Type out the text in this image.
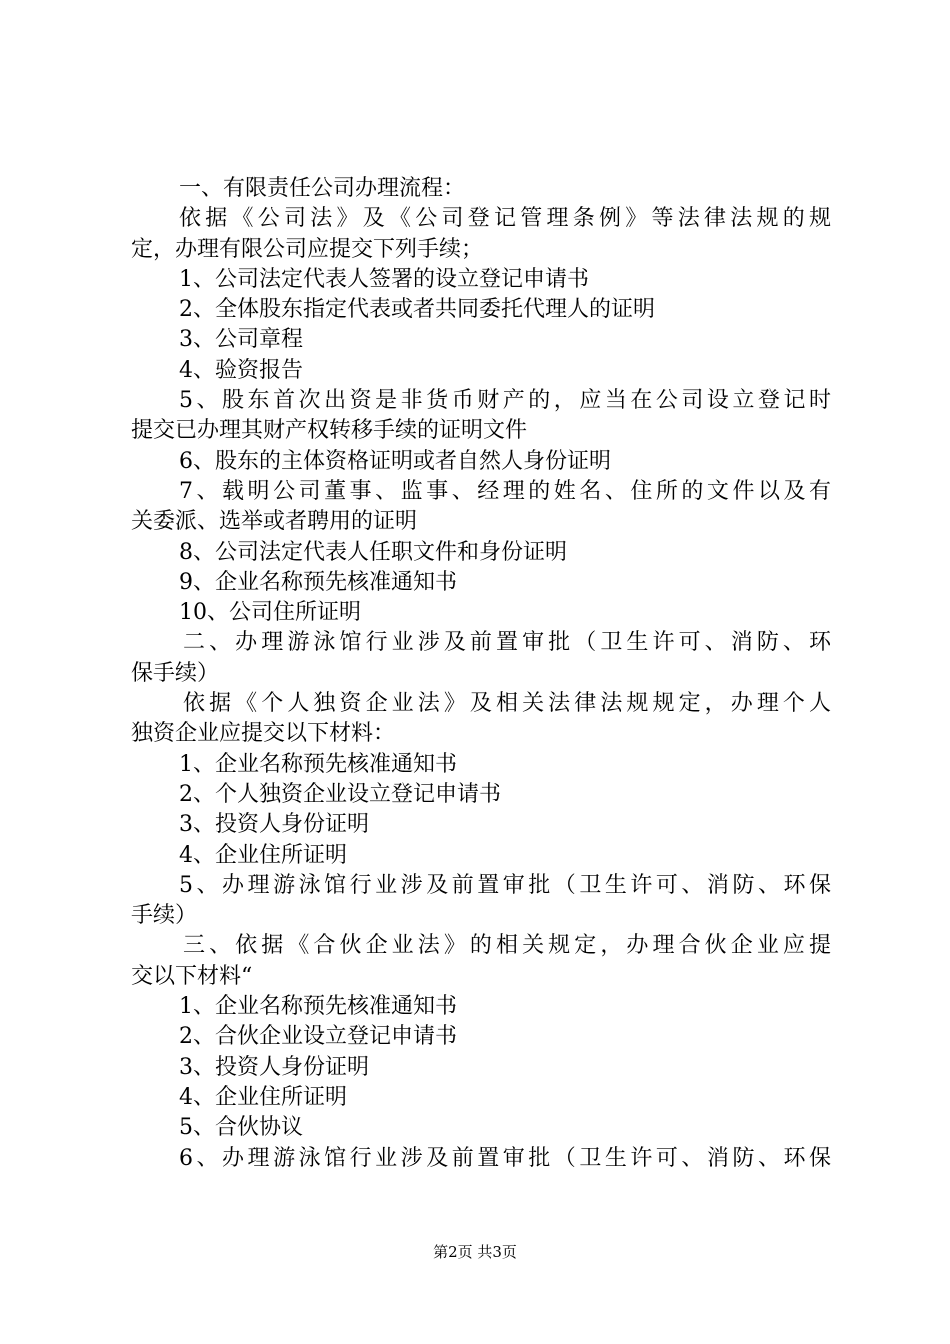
一、有限责任公司办理流程：
依据《公司法》及《公司登记管理条例》等法律法规的规
定，办理有限公司应提交下列手续；
1、公司法定代表人签署的设立登记申请书
2、全体股东指定代表或者共同委托代理人的证明
3、公司章程
4、验资报告
5、股东首次出资是非货币财产的，应当在公司设立登记时
提交已办理其财产权转移手续的证明文件
6、股东的主体资格证明或者自然人身份证明
7、载明公司董事、监事、经理的姓名、住所的文件以及有
关委派、选举或者聘用的证明
8、公司法定代表人任职文件和身份证明
9、企业名称预先核准通知书
10、公司住所证明
二、办理游泳馆行业涉及前置审批（卫生许可、消防、环
保手续）
依据《个人独资企业法》及相关法律法规规定，办理个人
独资企业应提交以下材料：
1、企业名称预先核准通知书
2、个人独资企业设立登记申请书
3、投资人身份证明
4、企业住所证明
5、办理游泳馆行业涉及前置审批（卫生许可、消防、环保
手续）
三、依据《合伙企业法》的相关规定，办理合伙企业应提
交以下材料“
1、企业名称预先核准通知书
2、合伙企业设立登记申请书
3、投资人身份证明
4、企业住所证明
5、合伙协议
6、办理游泳馆行业涉及前置审批（卫生许可、消防、环保
第2页 共3页
